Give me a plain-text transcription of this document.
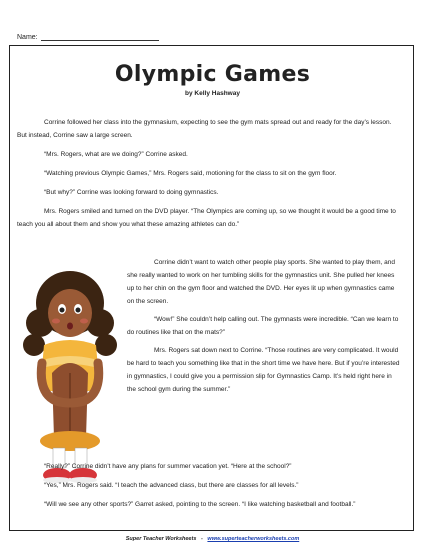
Name:
Olympic Games
by Kelly Hashway

Corrine followed her class into the gymnasium, expecting to see the gym mats spread out and ready for the day’s lesson. But instead, Corrine saw a large screen.

“Mrs. Rogers, what are we doing?” Corrine asked.

“Watching previous Olympic Games,” Mrs. Rogers said, motioning for the class to sit on the gym floor.

“But why?” Corrine was looking forward to doing gymnastics.

Mrs. Rogers smiled and turned on the DVD player. “The Olympics are coming up, so we thought it would be a good time to teach you all about them and show you what these amazing athletes can do.”

Corrine didn’t want to watch other people play sports. She wanted to play them, and she really wanted to work on her tumbling skills for the gymnastics unit. She pulled her knees up to her chin on the gym floor and watched the DVD. Her eyes lit up when gymnastics came on the screen.

“Wow!” She couldn’t help calling out. The gymnasts were incredible. “Can we learn to do routines like that on the mats?”

Mrs. Rogers sat down next to Corrine. “Those routines are very complicated. It would be hard to teach you something like that in the short time we have here. But if you’re interested in gymnastics, I could give you a permission slip for Gymnastics Camp. It’s held right here in the school gym during the summer.”

“Really?” Corrine didn’t have any plans for summer vacation yet. “Here at the school?”

“Yes,” Mrs. Rogers said. “I teach the advanced class, but there are classes for all levels.”

“Will we see any other sports?” Garret asked, pointing to the screen. “I like watching basketball and football.”

Super Teacher Worksheets - www.superteacherworksheets.com
